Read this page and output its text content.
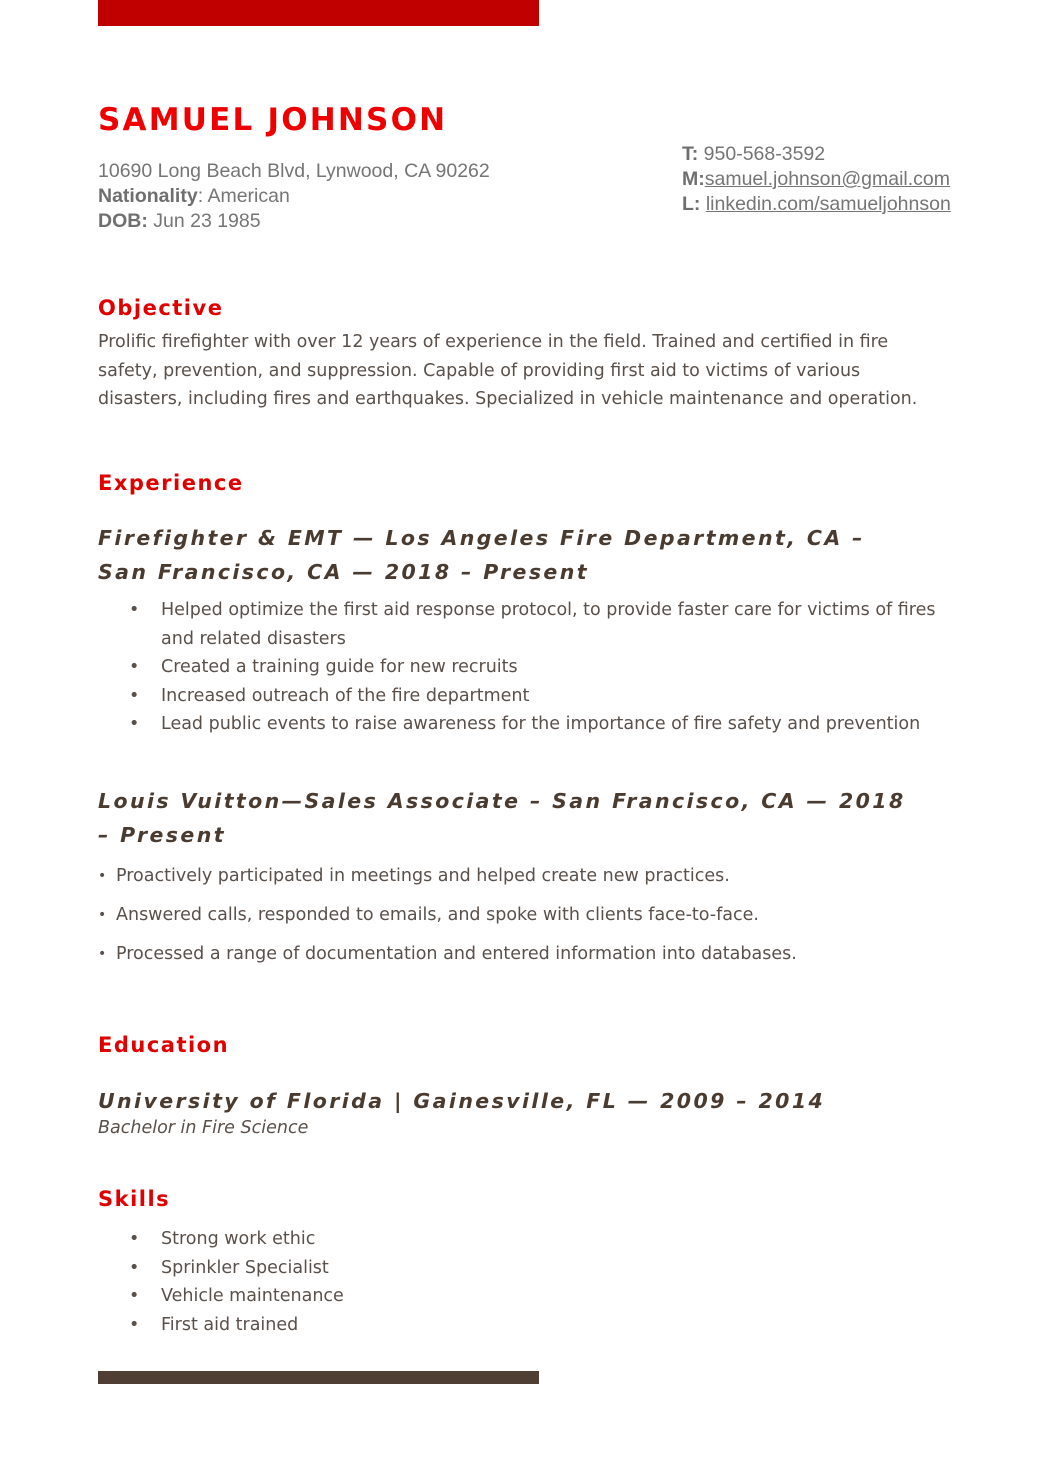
SAMUEL JOHNSON
10690 Long Beach Blvd, Lynwood, CA 90262
Nationality: American
DOB: Jun 23 1985
T: 950-568-3592
M:samuel.johnson@gmail.com
L: linkedin.com/samueljohnson
Objective
Prolific firefighter with over 12 years of experience in the field. Trained and certified in fire safety, prevention, and suppression. Capable of providing first aid to victims of various disasters, including fires and earthquakes. Specialized in vehicle maintenance and operation.
Experience
Firefighter & EMT — Los Angeles Fire Department, CA – San Francisco, CA — 2018 – Present
• Helped optimize the first aid response protocol, to provide faster care for victims of fires and related disasters
• Created a training guide for new recruits
• Increased outreach of the fire department
• Lead public events to raise awareness for the importance of fire safety and prevention
Louis Vuitton—Sales Associate – San Francisco, CA — 2018 – Present
• Proactively participated in meetings and helped create new practices.
• Answered calls, responded to emails, and spoke with clients face-to-face.
• Processed a range of documentation and entered information into databases.
Education
University of Florida | Gainesville, FL — 2009 – 2014
Bachelor in Fire Science
Skills
• Strong work ethic
• Sprinkler Specialist
• Vehicle maintenance
• First aid trained
